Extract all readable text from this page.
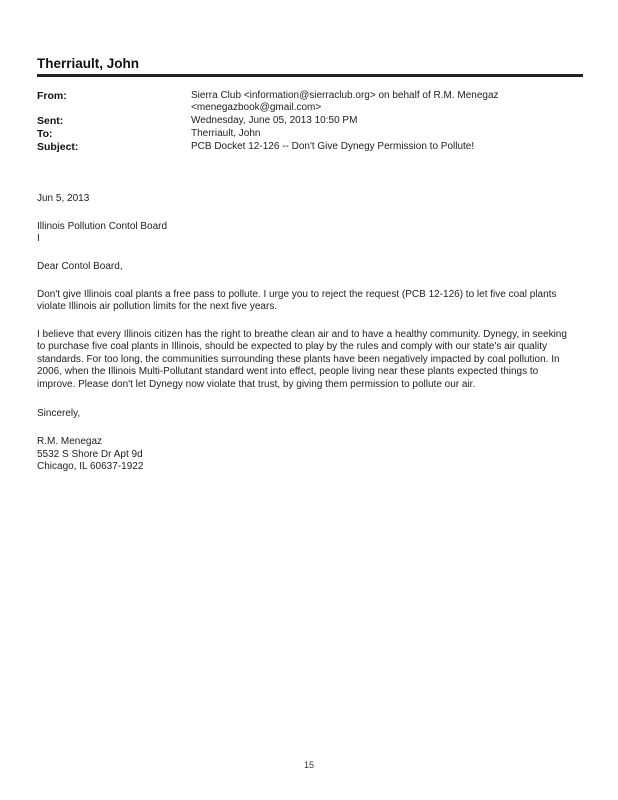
Therriault, John
From:	Sierra Club <information@sierraclub.org> on behalf of R.M. Menegaz
<menegazbook@gmail.com>
Sent:	Wednesday, June 05, 2013 10:50 PM
To:	Therriault, John
Subject:	PCB Docket 12-126 -- Don't Give Dynegy Permission to Pollute!
Jun 5, 2013
Illinois Pollution Contol Board
I
Dear Contol Board,
Don't give Illinois coal plants a free pass to pollute. I urge you to reject the request (PCB 12-126) to let five coal plants
violate Illinois air pollution limits for the next five years.
I believe that every Illinois citizen has the right to breathe clean air and to have a healthy community. Dynegy, in seeking
to purchase five coal plants in Illinois, should be expected to play by the rules and comply with our state's air quality
standards. For too long, the communities surrounding these plants have been negatively impacted by coal pollution. In
2006, when the Illinois Multi-Pollutant standard went into effect, people living near these plants expected things to
improve. Please don't let Dynegy now violate that trust, by giving them permission to pollute our air.
Sincerely,
R.M. Menegaz
5532 S Shore Dr Apt 9d
Chicago, IL 60637-1922
15
